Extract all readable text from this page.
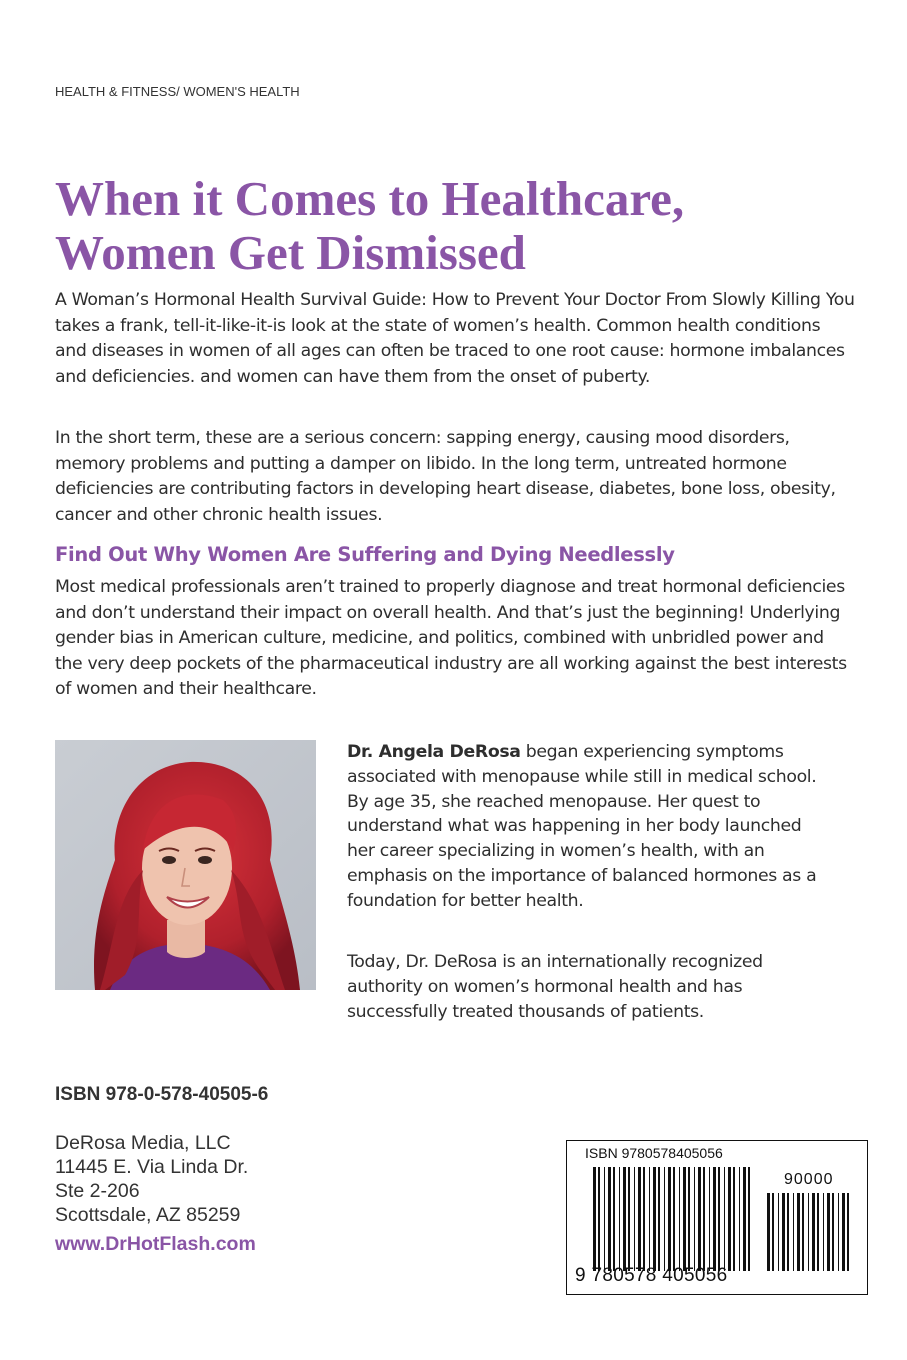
HEALTH & FITNESS/ WOMEN'S HEALTH
When it Comes to Healthcare,
Women Get Dismissed

A Woman’s Hormonal Health Survival Guide: How to Prevent Your Doctor From Slowly Killing You takes a frank, tell-it-like-it-is look at the state of women’s health. Common health conditions and diseases in women of all ages can often be traced to one root cause: hormone imbalances and deficiencies. and women can have them from the onset of puberty.

In the short term, these are a serious concern: sapping energy, causing mood disorders, memory problems and putting a damper on libido. In the long term, untreated hormone deficiencies are contributing factors in developing heart disease, diabetes, bone loss, obesity, cancer and other chronic health issues.

Find Out Why Women Are Suffering and Dying Needlessly

Most medical professionals aren’t trained to properly diagnose and treat hormonal deficiencies and don’t understand their impact on overall health. And that’s just the beginning! Underlying gender bias in American culture, medicine, and politics, combined with unbridled power and the very deep pockets of the pharmaceutical industry are all working against the best interests of women and their healthcare.

Dr. Angela DeRosa began experiencing symptoms associated with menopause while still in medical school. By age 35, she reached menopause. Her quest to understand what was happening in her body launched her career specializing in women’s health, with an emphasis on the importance of balanced hormones as a foundation for better health.

Today, Dr. DeRosa is an internationally recognized authority on women’s hormonal health and has successfully treated thousands of patients.

ISBN 978-0-578-40505-6
DeRosa Media, LLC
11445 E. Via Linda Dr.
Ste 2-206
Scottsdale, AZ 85259
www.DrHotFlash.com
ISBN 9780578405056
90000
9 780578 405056
